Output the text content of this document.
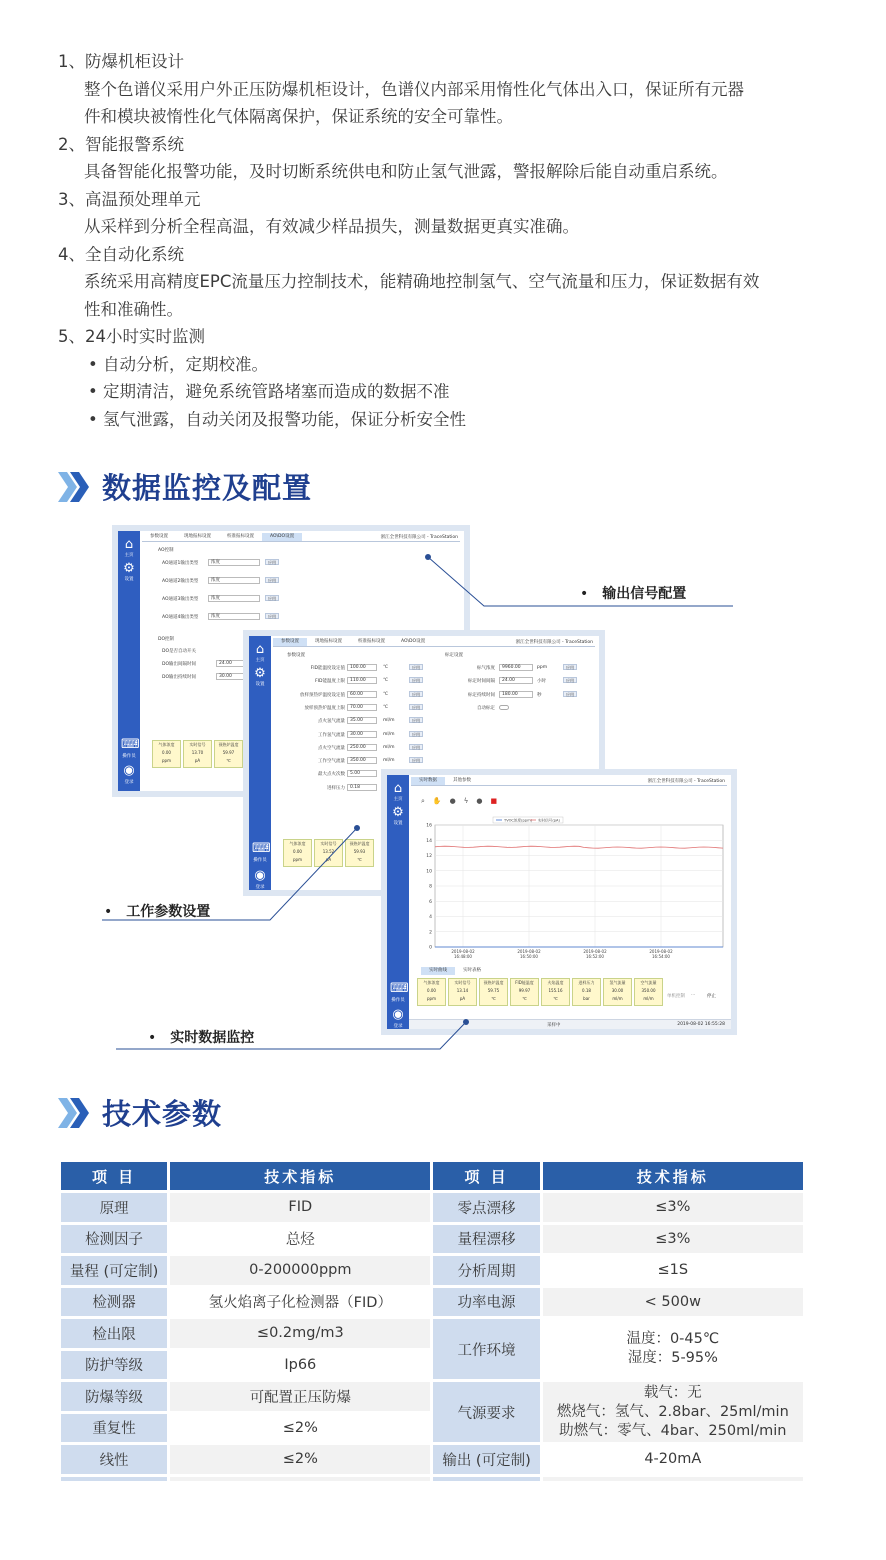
1、防爆机柜设计
整个色谱仪采用户外正压防爆机柜设计，色谱仪内部采用惰性化气体出入口，保证所有元器
件和模块被惰性化气体隔离保护，保证系统的安全可靠性。
2、智能报警系统
具备智能化报警功能，及时切断系统供电和防止氢气泄露，警报解除后能自动重启系统。
3、高温预处理单元
从采样到分析全程高温，有效减少样品损失，测量数据更真实准确。
4、全自动化系统
系统采用高精度EPC流量压力控制技术，能精确地控制氢气、空气流量和压力，保证数据有效
性和准确性。
5、24小时实时监测
• 自动分析，定期校准。
• 定期清洁，避免系统管路堵塞而造成的数据不准
• 氢气泄露，自动关闭及报警功能，保证分析安全性
数据监控及配置
⌂
主页
⚙
设置
⌨
操作员
◉
登录
参数设置	现地报标设置	校准报标设置	AO\DO设置	浙江全世科技有限公司 - TraceStation
AO控制
AO通道1输出类型	浓度	应用
AO通道2输出类型	浓度	应用
AO通道3输出类型	浓度	应用
AO通道4输出类型	浓度	应用
DO控制
DO是否自动开关
DO输出间隔时间	24.00
DO输出持续时间	30.00
气体浓度
0.00
ppm
实时信号
13.70
pA
预热炉温度
59.97
℃
⌂
主页
⚙
设置
⌨
操作员
◉
登录
参数设置	现地报标设置	校准报标设置	AO\DO设置	浙江全世科技有限公司 - TraceStation
参数设置	标定设置
FID能温度设定值	100.00	℃	应用
FID能温度上限	110.00	℃	应用
放样预热炉温度设定值	60.00	℃	应用
放样预热炉温度上限	70.00	℃	应用
点火氢气流量	35.00	ml/m	应用
工作氢气流量	30.00	ml/m	应用
点火空气流量	250.00	ml/m	应用
工作空气流量	350.00	ml/m	应用
最大点火次数	5.00
进样压力	0.18
标气浓度	9960.00	ppm	应用
标定时间间隔	24.00	小时	应用
标定持续时间	180.00	秒	应用
自动标定
气体浓度
0.00
ppm
实时信号
13.52
pA
预热炉温度
59.93
℃
⌂
主页
⚙
设置
⌨
操作员
◉
登录
实时数据	其他参数	浙江全世科技有限公司 - TraceStation
⌕✋●ϟ●■
16
14
12
10
8
6
4
2
0
2019-08-02
16:48:00
2019-08-02
16:50:00
2019-08-02
16:52:00
2019-08-02
16:54:00
TVOC浓度(ppm) 实时信号(pA)
实时曲线	实时表格
气体浓度
0.00
ppm
实时信号
13.14
pA
预热炉温度
59.75
℃
FID能温度
99.97
℃
火焰温度
155.16
℃
进样压力
0.18
bar
氢气流量
30.00
ml/m
空气流量
350.00
ml/m	单机控制 ···	停止
采样中	2019-08-02 16:55:28
• 输出信号配置
• 工作参数设置
• 实时数据监控
技术参数
项 目	技术指标	项 目	技术指标
原理	FID	零点漂移	≤3%
检测因子	总烃	量程漂移	≤3%
量程 (可定制)	0-200000ppm	分析周期	≤1S
检测器	氢火焰离子化检测器（FID）	功率电源	< 500w
检出限	≤0.2mg/m3	工作环境	温度：0-45℃
湿度：5-95%

防护等级	Ip66		
防爆等级	可配置正压防爆	气源要求	载气：无
燃烧气：氢气、2.8bar、25ml/min
助燃气：零气、4bar、250ml/min

重复性	≤2%		
线性	≤2%	输出 (可定制)	4-20mA
